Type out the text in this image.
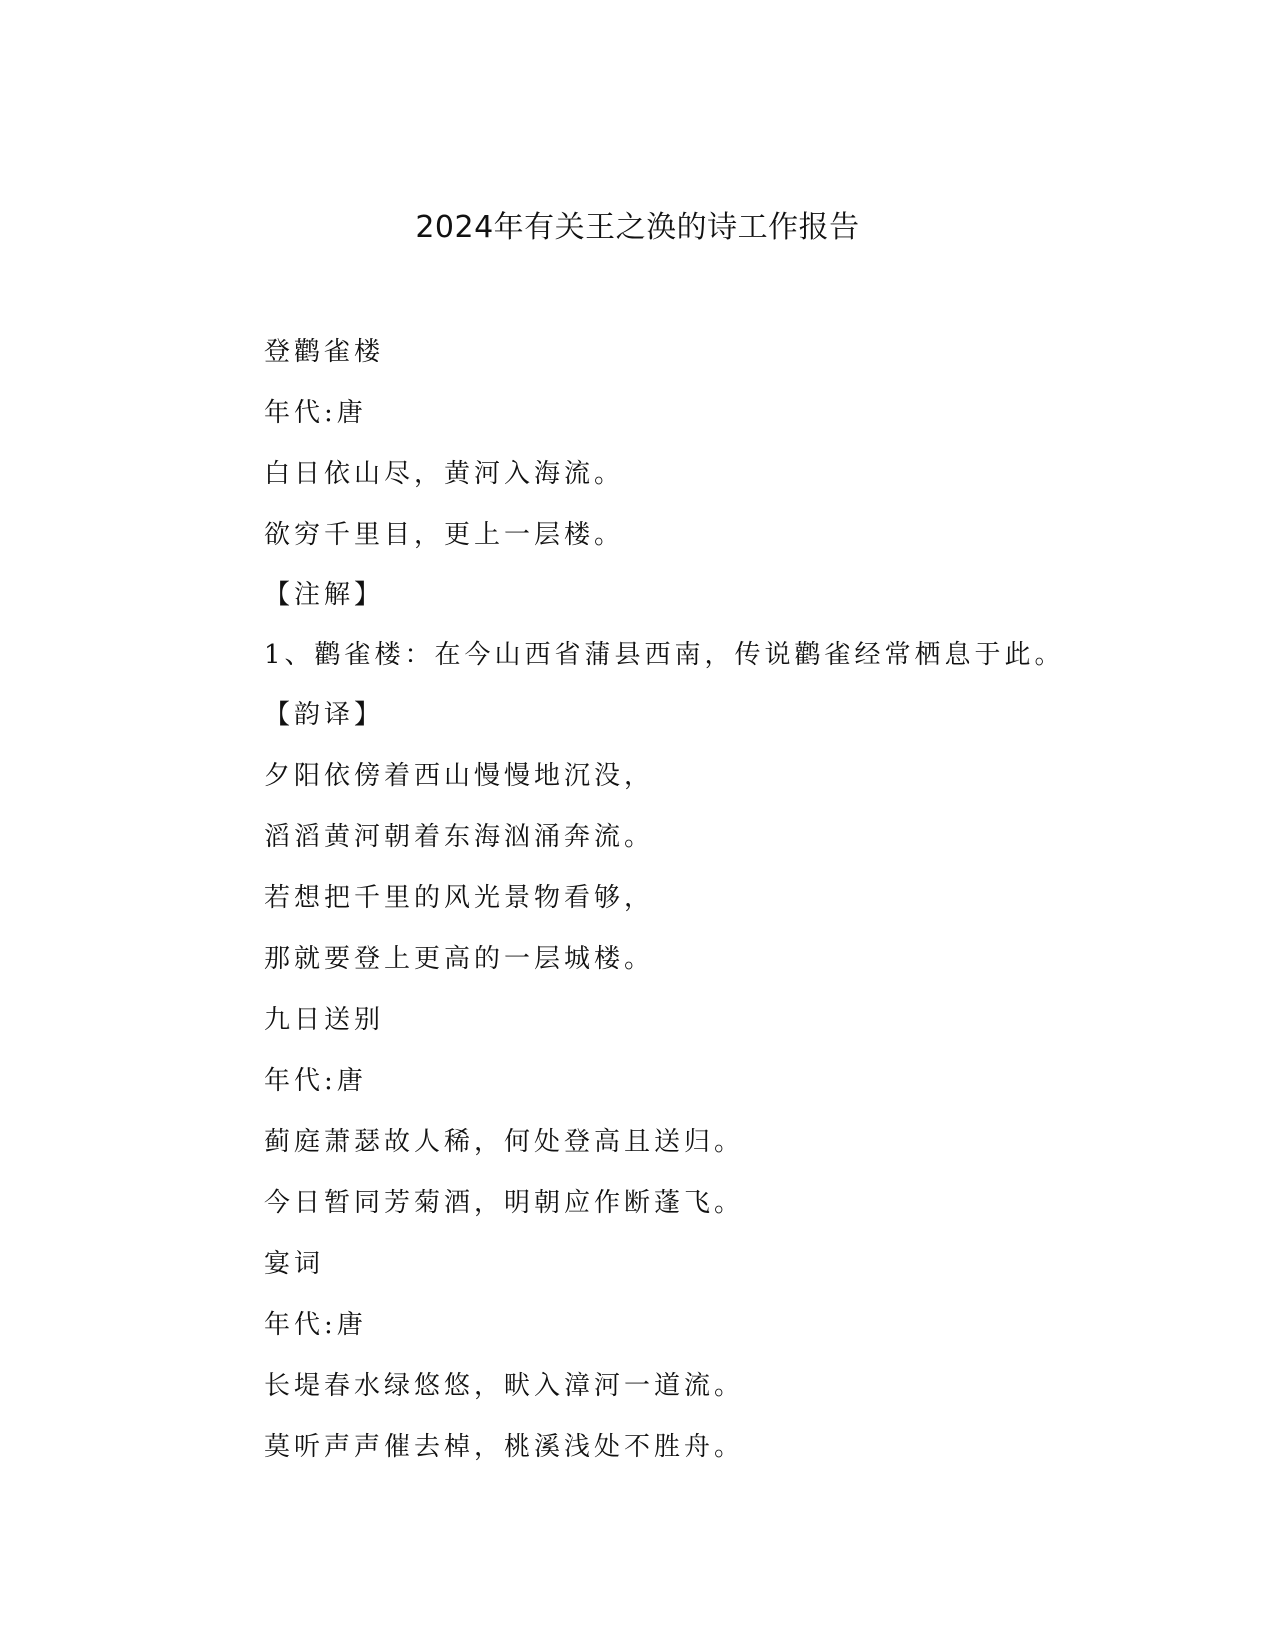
2024年有关王之涣的诗工作报告
登鹳雀楼
年代:唐
白日依山尽，黄河入海流。
欲穷千里目，更上一层楼。
【注解】
1、鹳雀楼：在今山西省蒲县西南，传说鹳雀经常栖息于此。
【韵译】
夕阳依傍着西山慢慢地沉没，
滔滔黄河朝着东海汹涌奔流。
若想把千里的风光景物看够，
那就要登上更高的一层城楼。
九日送别
年代:唐
蓟庭萧瑟故人稀，何处登高且送归。
今日暂同芳菊酒，明朝应作断蓬飞。
宴词
年代:唐
长堤春水绿悠悠，畎入漳河一道流。
莫听声声催去棹，桃溪浅处不胜舟。
